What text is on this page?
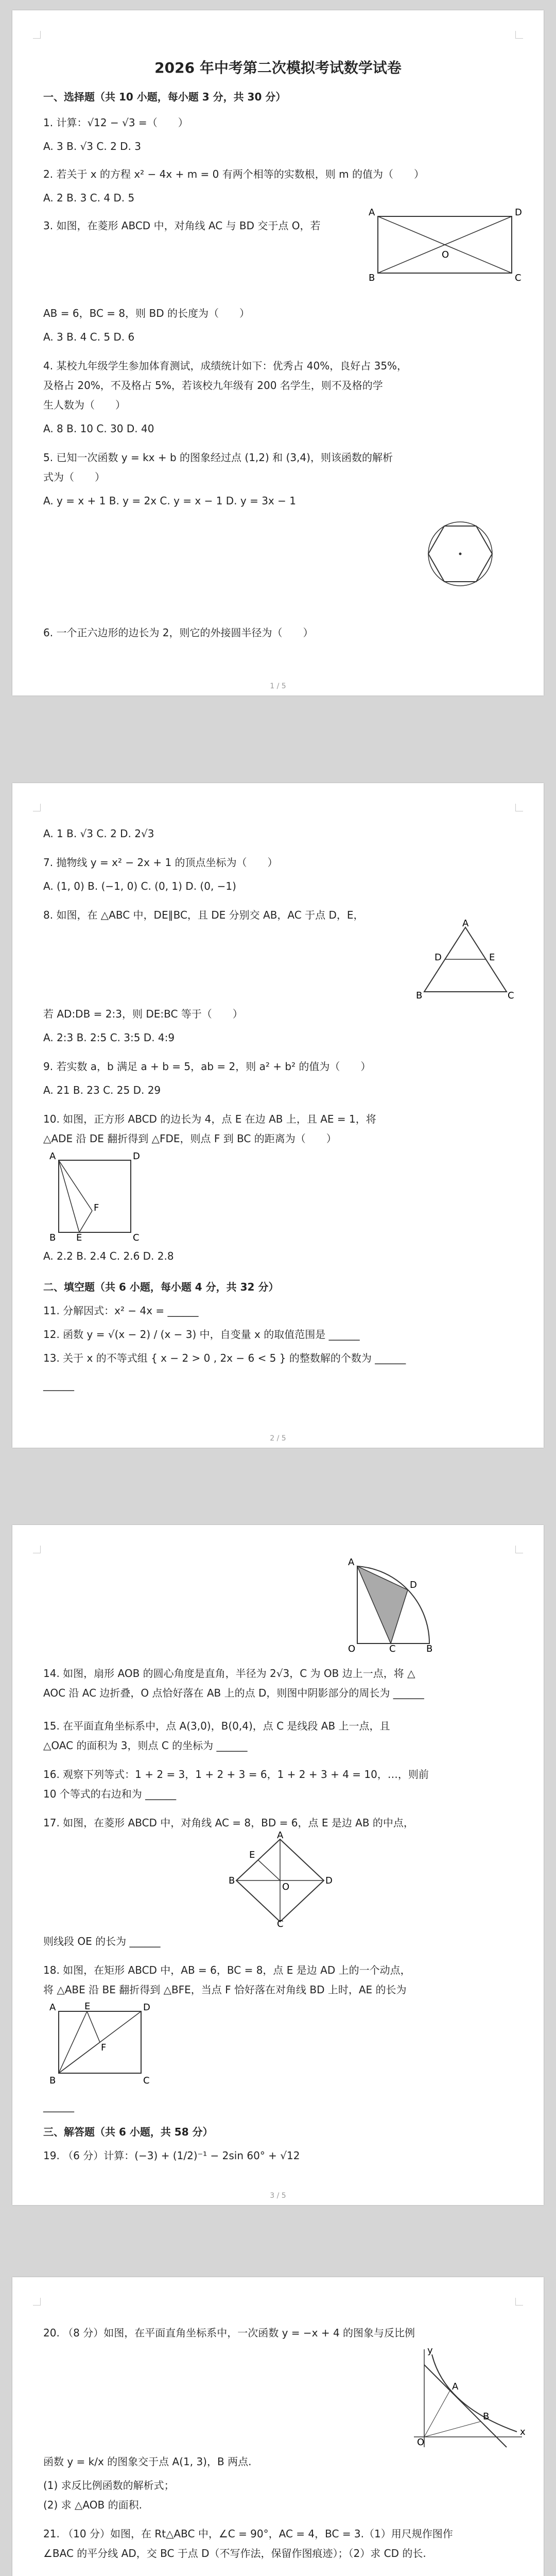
2026 年中考第二次模拟考试数学试卷
一、选择题（共 10 小题，每小题 3 分，共 30 分）
1. 计算：√12 − √3 =（　　）
A. 3 B. √3 C. 2 D. 3
2. 若关于 x 的方程 x² − 4x + m = 0 有两个相等的实数根，则 m 的值为（　　）
A. 2 B. 3 C. 4 D. 5
3. 如图，在菱形 ABCD 中，对角线 AC 与 BD 交于点 O，若
A	D
B	C
O
AB = 6，BC = 8，则 BD 的长度为（　　）
A. 3 B. 4 C. 5 D. 6
4. 某校九年级学生参加体育测试，成绩统计如下：优秀占 40%，良好占 35%，
及格占 20%，不及格占 5%，若该校九年级有 200 名学生，则不及格的学
生人数为（　　）
A. 8 B. 10 C. 30 D. 40
5. 已知一次函数 y = kx + b 的图象经过点 (1,2) 和 (3,4)，则该函数的解析
式为（　　）
A. y = x + 1 B. y = 2x C. y = x − 1 D. y = 3x − 1
6. 一个正六边形的边长为 2，则它的外接圆半径为（　　）
1 / 5
A. 1 B. √3 C. 2 D. 2√3
7. 抛物线 y = x² − 2x + 1 的顶点坐标为（　　）
A. (1, 0) B. (−1, 0) C. (0, 1) D. (0, −1)
8. 如图，在 △ABC 中，DE∥BC，且 DE 分别交 AB，AC 于点 D，E，
A
D	E
B	C
若 AD:DB = 2:3，则 DE:BC 等于（　　）
A. 2:3 B. 2:5 C. 3:5 D. 4:9
9. 若实数 a，b 满足 a + b = 5，ab = 2，则 a² + b² 的值为（　　）
A. 21 B. 23 C. 25 D. 29
10. 如图，正方形 ABCD 的边长为 4，点 E 在边 AB 上，且 AE = 1，将
△ADE 沿 DE 翻折得到 △FDE，则点 F 到 BC 的距离为（　　）
A	D
B	C
E
F
A. 2.2 B. 2.4 C. 2.6 D. 2.8
二、填空题（共 6 小题，每小题 4 分，共 32 分）
11. 分解因式：x² − 4x = ______
12. 函数 y = √(x − 2) / (x − 3) 中，自变量 x 的取值范围是 ______
13. 关于 x 的不等式组 { x − 2 > 0 , 2x − 6 < 5 } 的整数解的个数为 ______
______
2 / 5
A
O	C
D
B
14. 如图，扇形 AOB 的圆心角度是直角，半径为 2√3，C 为 OB 边上一点，将 △
AOC 沿 AC 边折叠，O 点恰好落在 AB 上的点 D，则图中阴影部分的周长为 ______
15. 在平面直角坐标系中，点 A(3,0)，B(0,4)，点 C 是线段 AB 上一点，且
△OAC 的面积为 3，则点 C 的坐标为 ______
16. 观察下列等式：1 + 2 = 3，1 + 2 + 3 = 6，1 + 2 + 3 + 4 = 10，…，则前
10 个等式的右边和为 ______
17. 如图，在菱形 ABCD 中，对角线 AC = 8，BD = 6，点 E 是边 AB 的中点，
A
E
B	D
O
C
则线段 OE 的长为 ______
18. 如图，在矩形 ABCD 中，AB = 6，BC = 8，点 E 是边 AD 上的一个动点，
将 △ABE 沿 BE 翻折得到 △BFE，当点 F 恰好落在对角线 BD 上时，AE 的长为
A	E	D
F
B	C
______
三、解答题（共 6 小题，共 58 分）
19. （6 分）计算：(−3) + (1/2)⁻¹ − 2sin 60° + √12
3 / 5
20. （8 分）如图，在平面直角坐标系中，一次函数 y = −x + 4 的图象与反比例
x
y
O
A
B
函数 y = k/x 的图象交于点 A(1, 3)，B 两点.
(1) 求反比例函数的解析式；
(2) 求 △AOB 的面积.
21. （10 分）如图，在 Rt△ABC 中，∠C = 90°，AC = 4，BC = 3.（1）用尺规作图作
∠BAC 的平分线 AD，交 BC 于点 D（不写作法，保留作图痕迹）；（2）求 CD 的长.
